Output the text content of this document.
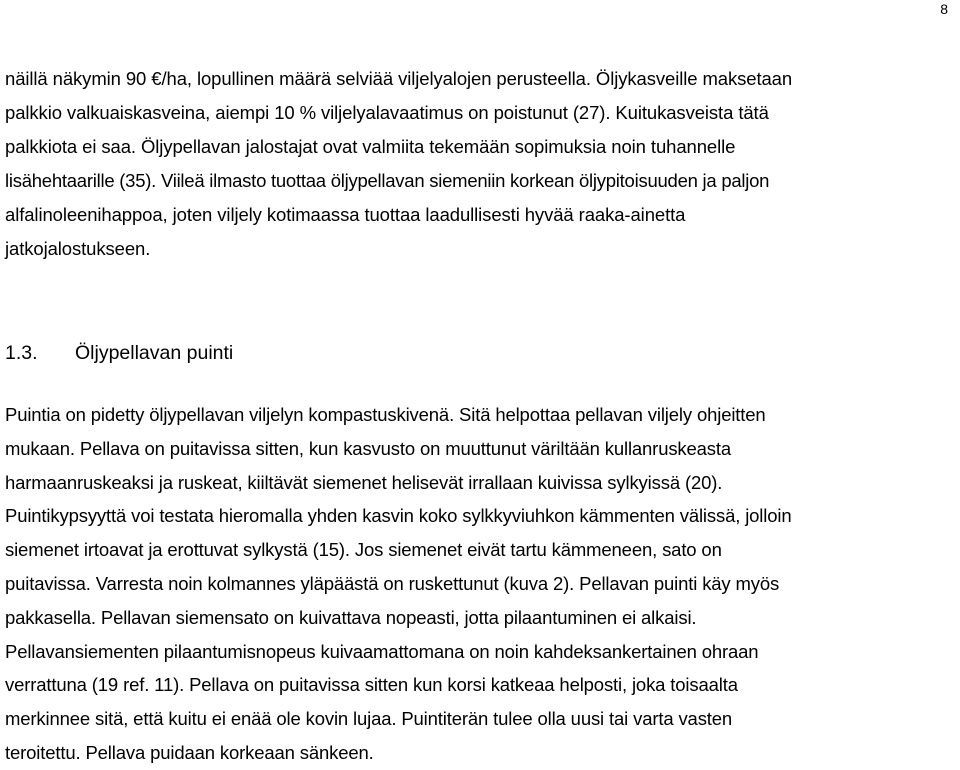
8
näillä näkymin 90 €/ha, lopullinen määrä selviää viljelyalojen perusteella. Öljykasveille maksetaan
palkkio valkuaiskasveina, aiempi 10 % viljelyalavaatimus on poistunut (27). Kuitukasveista tätä
palkkiota ei saa. Öljypellavan jalostajat ovat valmiita tekemään sopimuksia noin tuhannelle
lisähehtaarille (35). Viileä ilmasto tuottaa öljypellavan siemeniin korkean öljypitoisuuden ja paljon
alfalinoleenihappoa, joten viljely kotimaassa tuottaa laadullisesti hyvää raaka-ainetta
jatkojalostukseen.
1.3. Öljypellavan puinti
Puintia on pidetty öljypellavan viljelyn kompastuskivenä. Sitä helpottaa pellavan viljely ohjeitten
mukaan. Pellava on puitavissa sitten, kun kasvusto on muuttunut väriltään kullanruskeasta
harmaanruskeaksi ja ruskeat, kiiltävät siemenet helisevät irrallaan kuivissa sylkyissä (20).
Puintikypsyyttä voi testata hieromalla yhden kasvin koko sylkkyviuhkon kämmenten välissä, jolloin
siemenet irtoavat ja erottuvat sylkystä (15). Jos siemenet eivät tartu kämmeneen, sato on
puitavissa. Varresta noin kolmannes yläpäästä on ruskettunut (kuva 2). Pellavan puinti käy myös
pakkasella. Pellavan siemensato on kuivattava nopeasti, jotta pilaantuminen ei alkaisi.
Pellavansiementen pilaantumisnopeus kuivaamattomana on noin kahdeksankertainen ohraan
verrattuna (19 ref. 11). Pellava on puitavissa sitten kun korsi katkeaa helposti, joka toisaalta
merkinnee sitä, että kuitu ei enää ole kovin lujaa. Puintiterän tulee olla uusi tai varta vasten
teroitettu. Pellava puidaan korkeaan sänkeen.
